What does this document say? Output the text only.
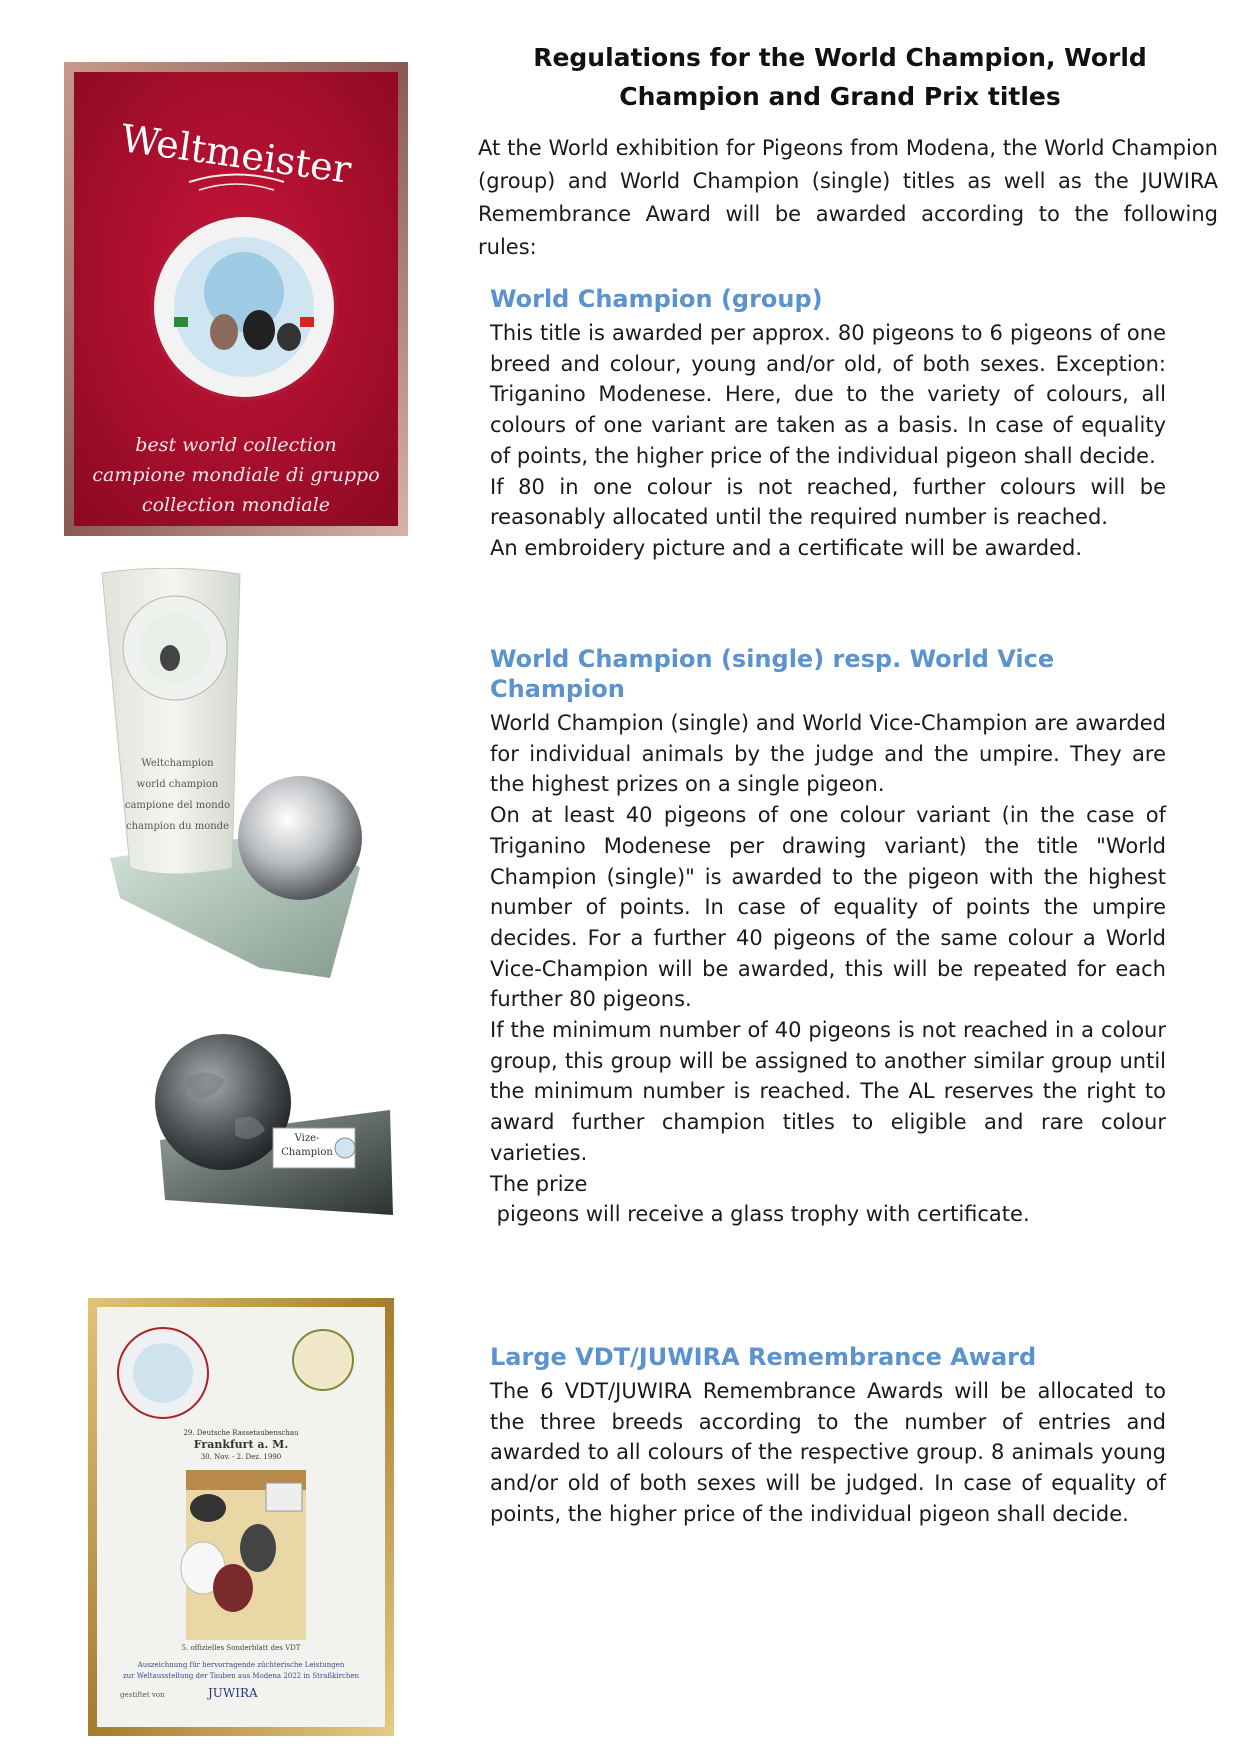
Regulations for the World Champion, World Champion and Grand Prix titles
At the World exhibition for Pigeons from Modena, the World Champion (group) and World Champion (single) titles as well as the JUWIRA Remembrance Award will be awarded according to the following rules:
World Champion (group)

This title is awarded per approx. 80 pigeons to 6 pigeons of one breed and colour, young and/or old, of both sexes. Exception: Triganino Modenese. Here, due to the variety of colours, all colours of one variant are taken as a basis. In case of equality of points, the higher price of the individual pigeon shall decide.

If 80 in one colour is not reached, further colours will be reasonably allocated until the required number is reached.

An embroidery picture and a certificate will be awarded.

World Champion (single) resp. World Vice Champion

World Champion (single) and World Vice-Champion are awarded for individual animals by the judge and the umpire. They are the highest prizes on a single pigeon.

On at least 40 pigeons of one colour variant (in the case of Triganino Modenese per drawing variant) the title "World Champion (single)" is awarded to the pigeon with the highest number of points. In case of equality of points the umpire decides. For a further 40 pigeons of the same colour a World Vice-Champion will be awarded, this will be repeated for each further 80 pigeons.

If the minimum number of 40 pigeons is not reached in a colour group, this group will be assigned to another similar group until the minimum number is reached. The AL reserves the right to award further champion titles to eligible and rare colour varieties.

The prize

pigeons will receive a glass trophy with certificate.

Large VDT/JUWIRA Remembrance Award

The 6 VDT/JUWIRA Remembrance Awards will be allocated to the three breeds according to the number of entries and awarded to all colours of the respective group. 8 animals young and/or old of both sexes will be judged. In case of equality of points, the higher price of the individual pigeon shall decide.

Weltmeister
best world collection
campione mondiale di gruppo
collection mondiale
Weltchampion
world champion
campione del mondo
champion du monde
Vize-
Champion
29. Deutsche Rassetaubenschau
Frankfurt a. M.
30. Nov. - 2. Dez. 1990
5. offizielles Sonderblatt des VDT
Auszeichnung für hervorragende züchterische Leistungen
zur Weltausstellung der Tauben aus Modena 2022 in Straßkirchen
gestiftet von	JUWIRA
